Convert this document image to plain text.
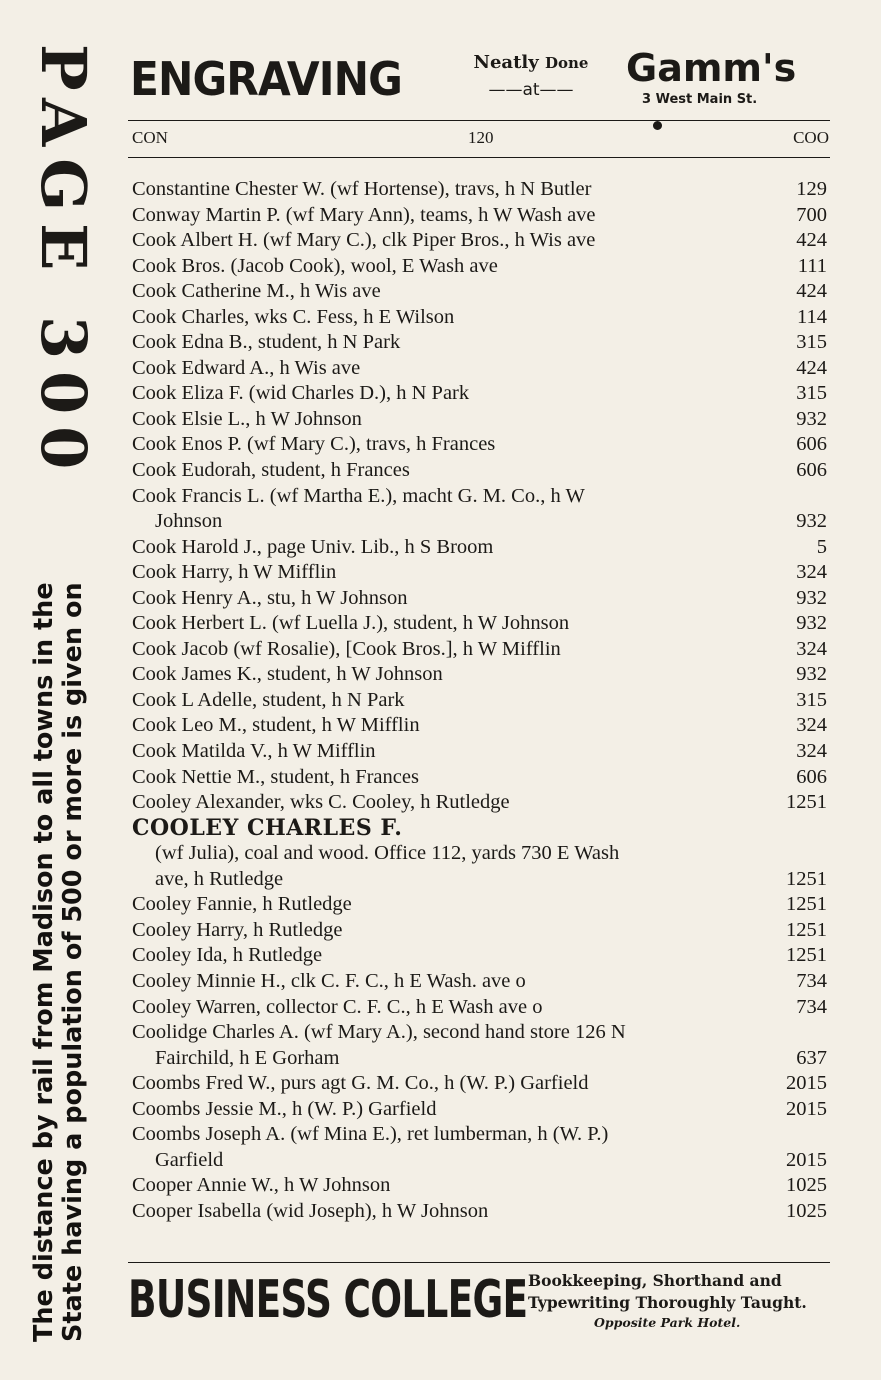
PAGE 300
The distance by rail from Madison to all towns in the State having a population of 500 or more is given on
ENGRAVING	Neatly Done
——at——	Gamm's
3 West Main St.
CON	120	COO
Constantine Chester W. (wf Hortense), travs, h N Butler	129
Conway Martin P. (wf Mary Ann), teams, h W Wash ave	700
Cook Albert H. (wf Mary C.), clk Piper Bros., h Wis ave	424
Cook Bros. (Jacob Cook), wool, E Wash ave	111
Cook Catherine M., h Wis ave	424
Cook Charles, wks C. Fess, h E Wilson	114
Cook Edna B., student, h N Park	315
Cook Edward A., h Wis ave	424
Cook Eliza F. (wid Charles D.), h N Park	315
Cook Elsie L., h W Johnson	932
Cook Enos P. (wf Mary C.), travs, h Frances	606
Cook Eudorah, student, h Frances	606
Cook Francis L. (wf Martha E.), macht G. M. Co., h W
Johnson	932
Cook Harold J., page Univ. Lib., h S Broom	5
Cook Harry, h W Mifflin	324
Cook Henry A., stu, h W Johnson	932
Cook Herbert L. (wf Luella J.), student, h W Johnson	932
Cook Jacob (wf Rosalie), [Cook Bros.], h W Mifflin	324
Cook James K., student, h W Johnson	932
Cook L Adelle, student, h N Park	315
Cook Leo M., student, h W Mifflin	324
Cook Matilda V., h W Mifflin	324
Cook Nettie M., student, h Frances	606
Cooley Alexander, wks C. Cooley, h Rutledge	1251
COOLEY CHARLES F.
(wf Julia), coal and wood. Office 112, yards 730 E Wash
ave, h Rutledge	1251
Cooley Fannie, h Rutledge	1251
Cooley Harry, h Rutledge	1251
Cooley Ida, h Rutledge	1251
Cooley Minnie H., clk C. F. C., h E Wash. ave o	734
Cooley Warren, collector C. F. C., h E Wash ave o	734
Coolidge Charles A. (wf Mary A.), second hand store 126 N
Fairchild, h E Gorham	637
Coombs Fred W., purs agt G. M. Co., h (W. P.) Garfield	2015
Coombs Jessie M., h (W. P.) Garfield	2015
Coombs Joseph A. (wf Mina E.), ret lumberman, h (W. P.)
Garfield	2015
Cooper Annie W., h W Johnson	1025
Cooper Isabella (wid Joseph), h W Johnson	1025
BUSINESS COLLEGE Bookkeeping, Shorthand and
Typewriting Thoroughly Taught.
Opposite Park Hotel.
